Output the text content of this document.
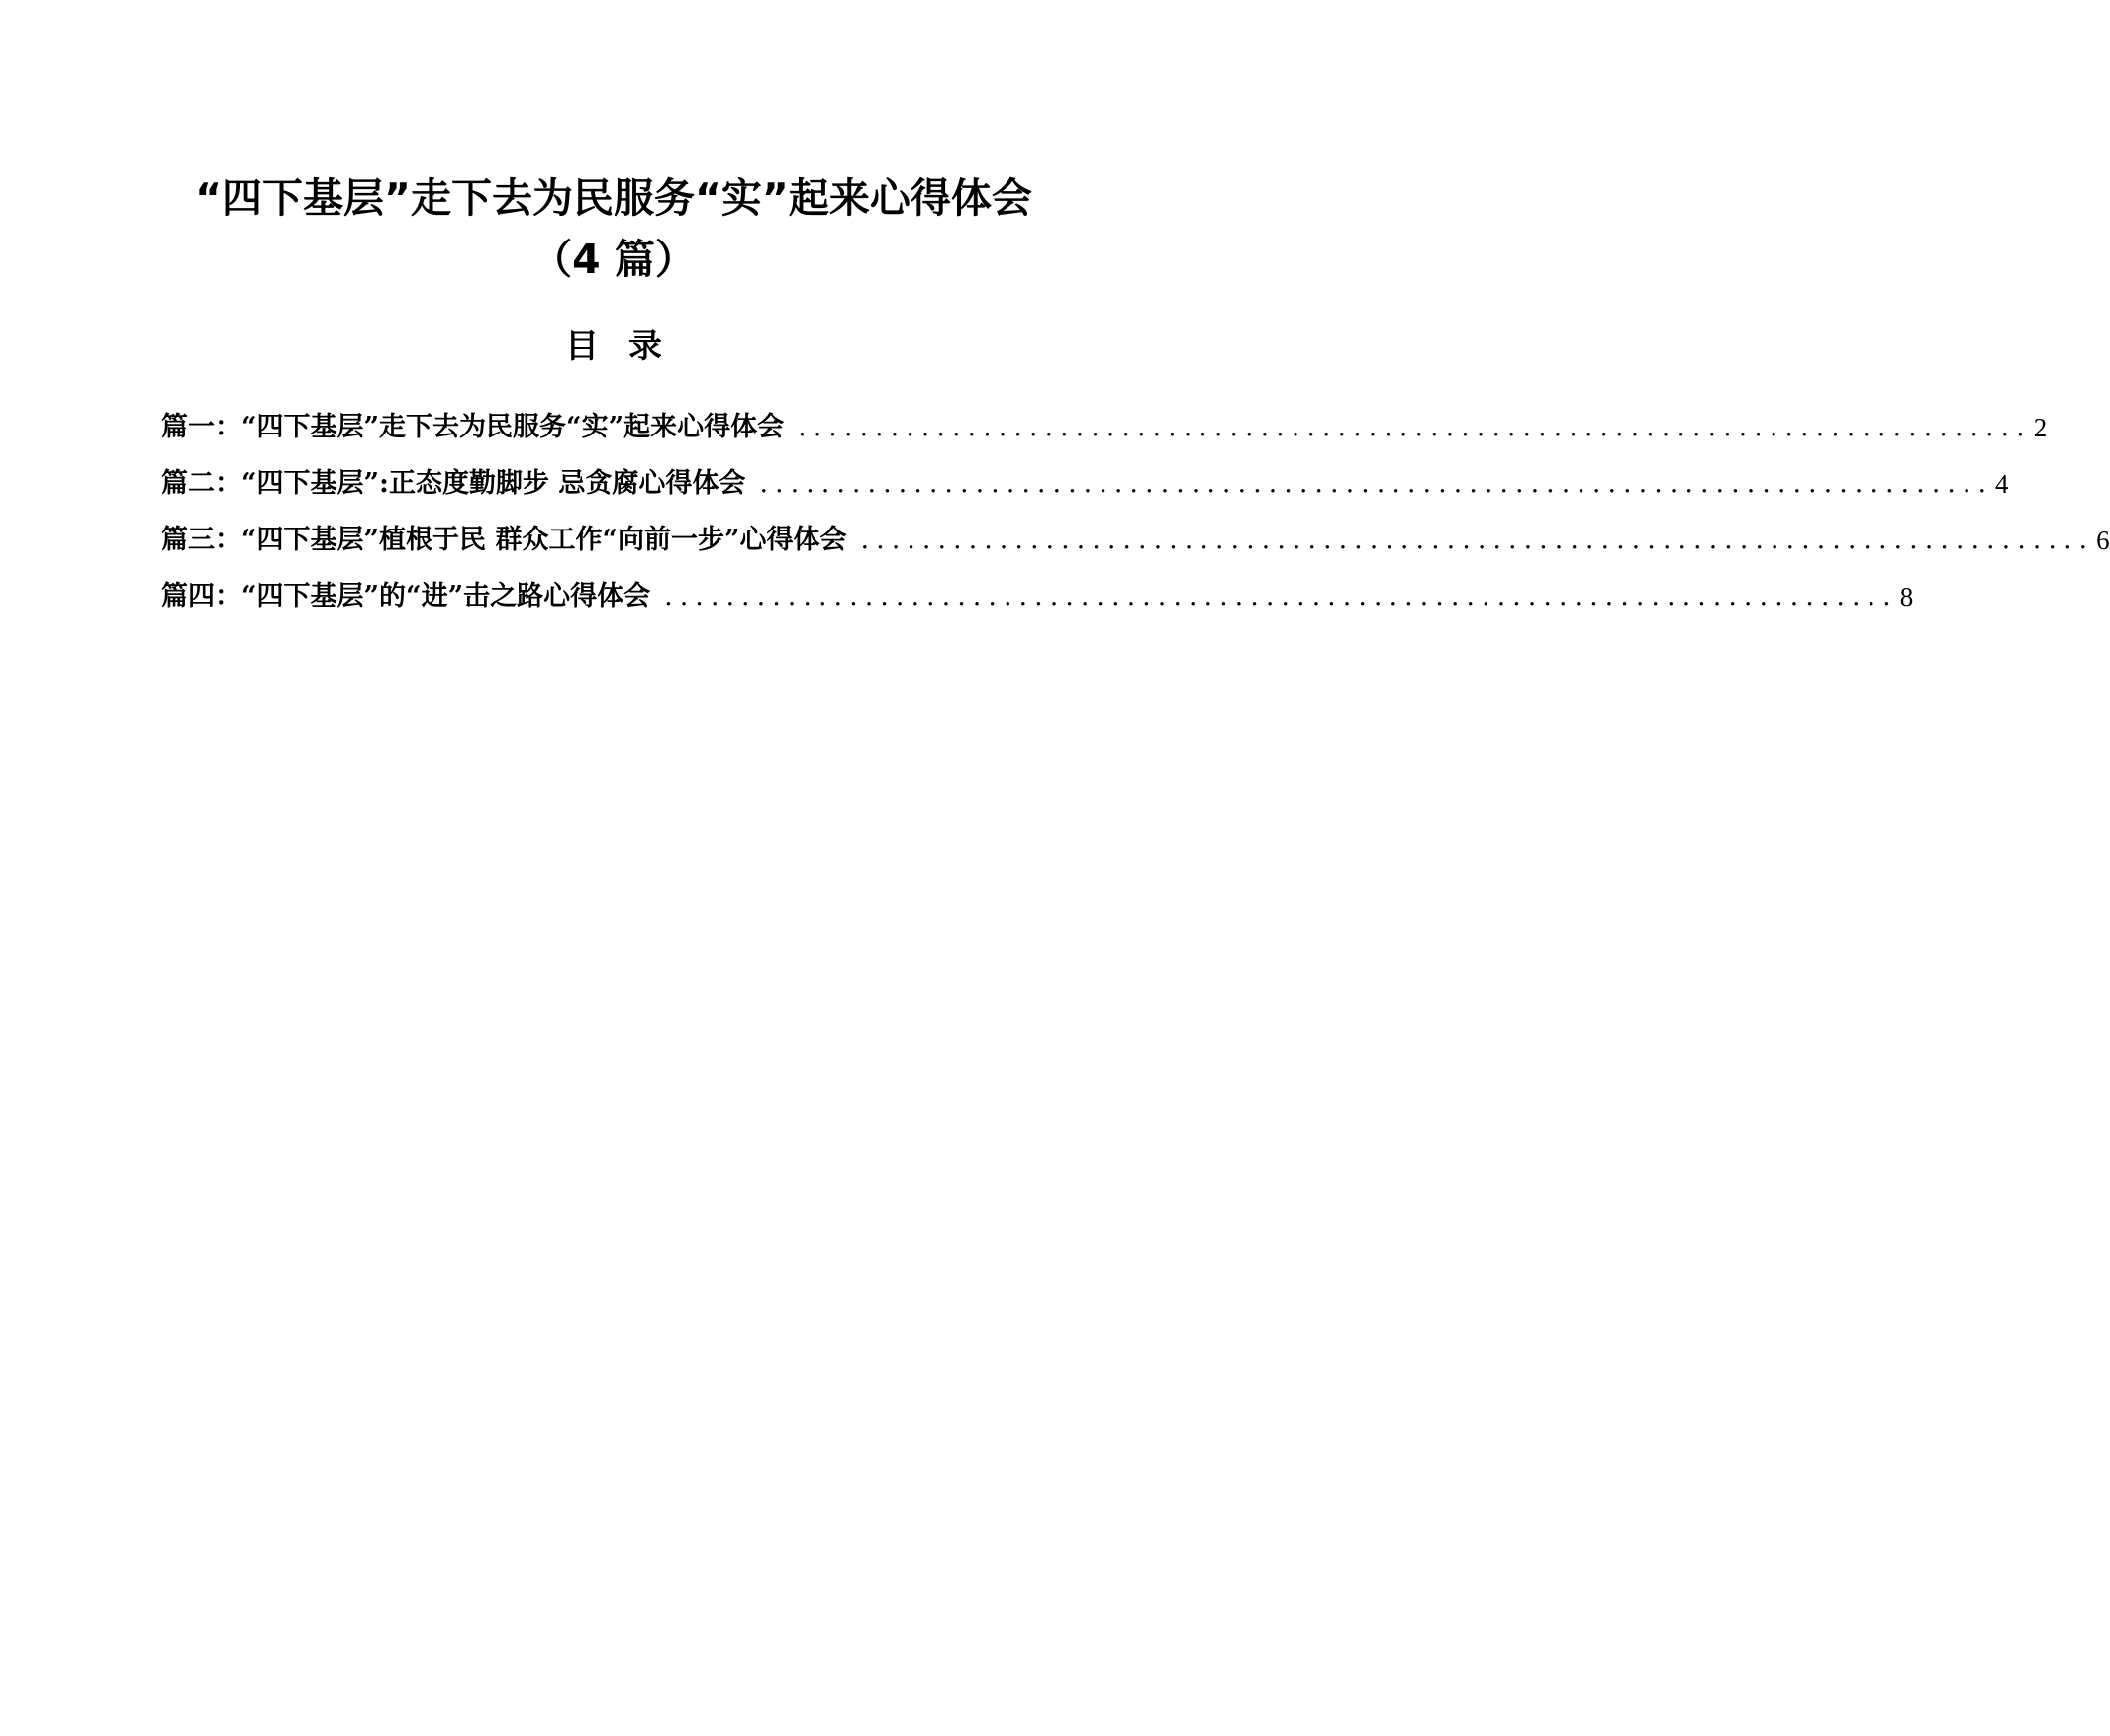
“四下基层”走下去为民服务“实”起来心得体会
（4 篇）
目录
篇一： “四下基层”走下去为民服务“实”起来心得体会 ................................................................................ 2
篇二： “四下基层”:正态度勤脚步 忌贪腐心得体会 ................................................................................ 4
篇三： “四下基层”植根于民 群众工作“向前一步”心得体会 ................................................................................ 6
篇四： “四下基层”的“进”击之路心得体会 ................................................................................ 8
